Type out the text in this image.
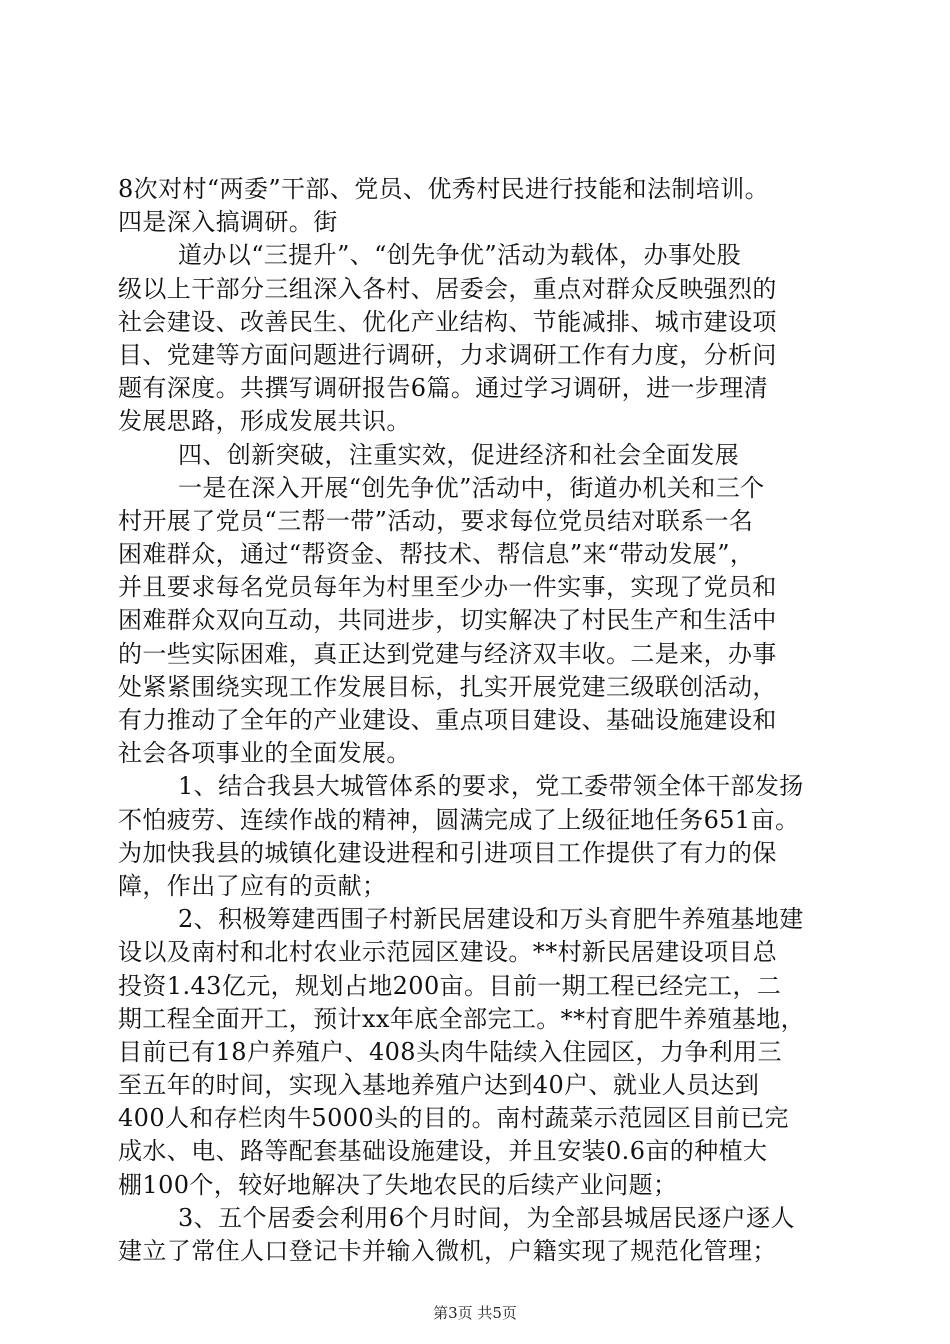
8次对村“两委”干部、党员、优秀村民进行技能和法制培训。
四是深入搞调研。街
道办以“三提升”、“创先争优”活动为载体，办事处股
级以上干部分三组深入各村、居委会，重点对群众反映强烈的
社会建设、改善民生、优化产业结构、节能减排、城市建设项
目、党建等方面问题进行调研，力求调研工作有力度，分析问
题有深度。共撰写调研报告6篇。通过学习调研，进一步理清
发展思路，形成发展共识。
四、创新突破，注重实效，促进经济和社会全面发展
一是在深入开展“创先争优”活动中，街道办机关和三个
村开展了党员“三帮一带”活动，要求每位党员结对联系一名
困难群众，通过“帮资金、帮技术、帮信息”来“带动发展”，
并且要求每名党员每年为村里至少办一件实事，实现了党员和
困难群众双向互动，共同进步，切实解决了村民生产和生活中
的一些实际困难，真正达到党建与经济双丰收。二是来，办事
处紧紧围绕实现工作发展目标，扎实开展党建三级联创活动，
有力推动了全年的产业建设、重点项目建设、基础设施建设和
社会各项事业的全面发展。
1、结合我县大城管体系的要求，党工委带领全体干部发扬
不怕疲劳、连续作战的精神，圆满完成了上级征地任务651亩。
为加快我县的城镇化建设进程和引进项目工作提供了有力的保
障，作出了应有的贡献；
2、积极筹建西围子村新民居建设和万头育肥牛养殖基地建
设以及南村和北村农业示范园区建设。**村新民居建设项目总
投资1.43亿元，规划占地200亩。目前一期工程已经完工，二
期工程全面开工，预计xx年底全部完工。**村育肥牛养殖基地，
目前已有18户养殖户、408头肉牛陆续入住园区，力争利用三
至五年的时间，实现入基地养殖户达到40户、就业人员达到
400人和存栏肉牛5000头的目的。南村蔬菜示范园区目前已完
成水、电、路等配套基础设施建设，并且安装0.6亩的种植大
棚100个，较好地解决了失地农民的后续产业问题；
3、五个居委会利用6个月时间，为全部县城居民逐户逐人
建立了常住人口登记卡并输入微机，户籍实现了规范化管理；
第3页 共5页
